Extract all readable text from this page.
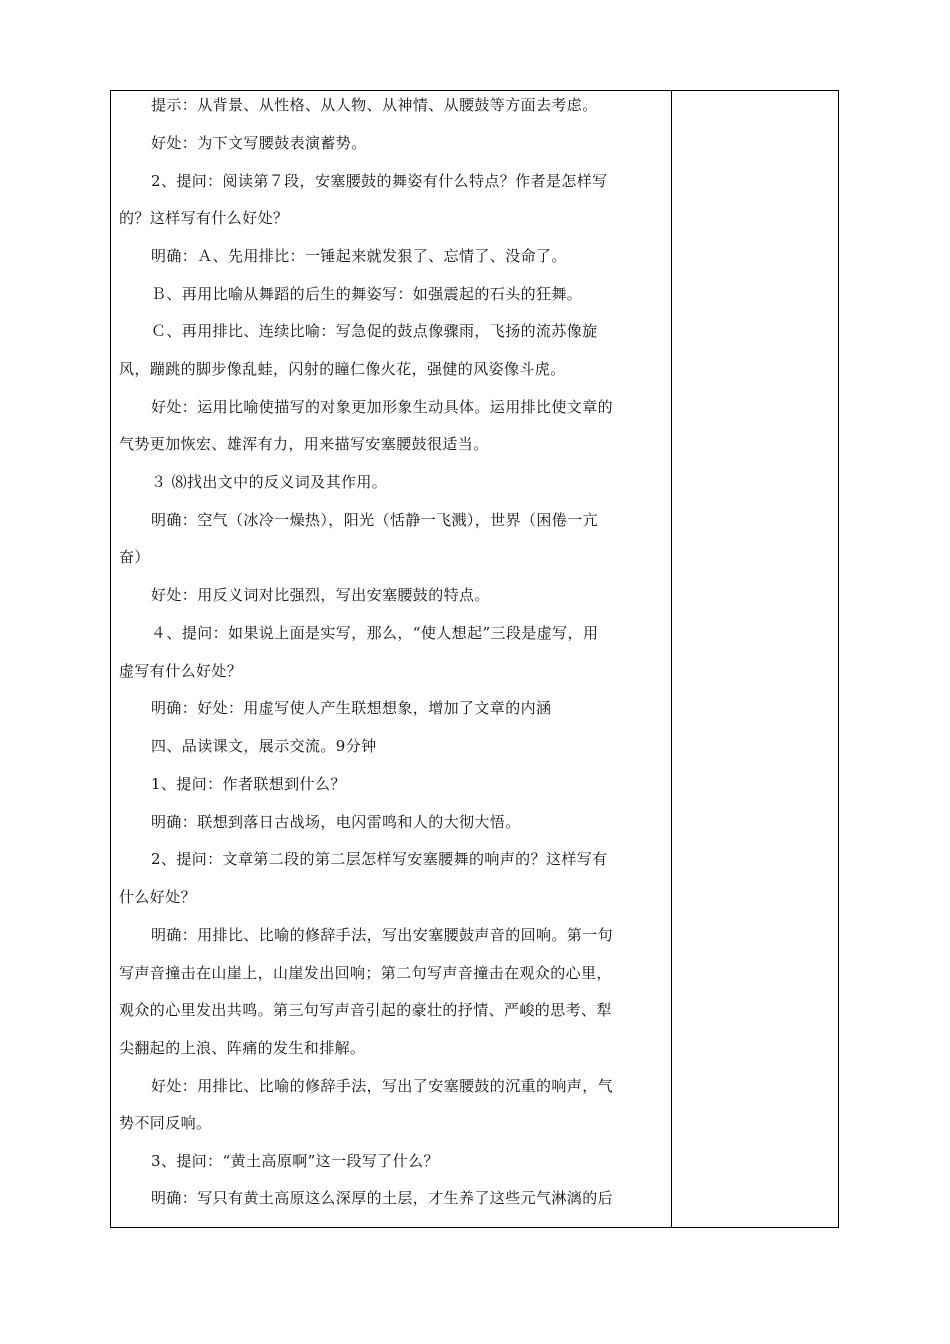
提示：从背景、从性格、从人物、从神情、从腰鼓等方面去考虑。
好处：为下文写腰鼓表演蓄势。
2、提问：阅读第７段，安塞腰鼓的舞姿有什么特点？作者是怎样写
的？这样写有什么好处？
明确：Ａ、先用排比：一锤起来就发狠了、忘情了、没命了。
Ｂ、再用比喻从舞蹈的后生的舞姿写：如强震起的石头的狂舞。
Ｃ、再用排比、连续比喻：写急促的鼓点像骤雨，飞扬的流苏像旋
风，蹦跳的脚步像乱蛙，闪射的瞳仁像火花，强健的风姿像斗虎。
好处：运用比喻使描写的对象更加形象生动具体。运用排比使文章的
气势更加恢宏、雄浑有力，用来描写安塞腰鼓很适当。
３ ⑻找出文中的反义词及其作用。
明确：空气（冰冷一燥热），阳光（恬静一飞溅），世界（困倦一亢
奋）
好处：用反义词对比强烈，写出安塞腰鼓的特点。
４、提问：如果说上面是实写，那么，“使人想起”三段是虚写，用
虚写有什么好处？
明确：好处：用虚写使人产生联想想象，增加了文章的内涵
四、品读课文，展示交流。9分钟
1、提问：作者联想到什么？
明确：联想到落日古战场，电闪雷鸣和人的大彻大悟。
2、提问：文章第二段的第二层怎样写安塞腰舞的响声的？这样写有
什么好处？
明确：用排比、比喻的修辞手法，写出安塞腰鼓声音的回响。第一句
写声音撞击在山崖上，山崖发出回响；第二句写声音撞击在观众的心里，
观众的心里发出共鸣。第三句写声音引起的豪壮的抒情、严峻的思考、犁
尖翻起的上浪、阵痛的发生和排解。
好处：用排比、比喻的修辞手法，写出了安塞腰鼓的沉重的响声，气
势不同反响。
3、提问：“黄土高原啊”这一段写了什么？
明确：写只有黄土高原这么深厚的土层，才生养了这些元气淋漓的后
